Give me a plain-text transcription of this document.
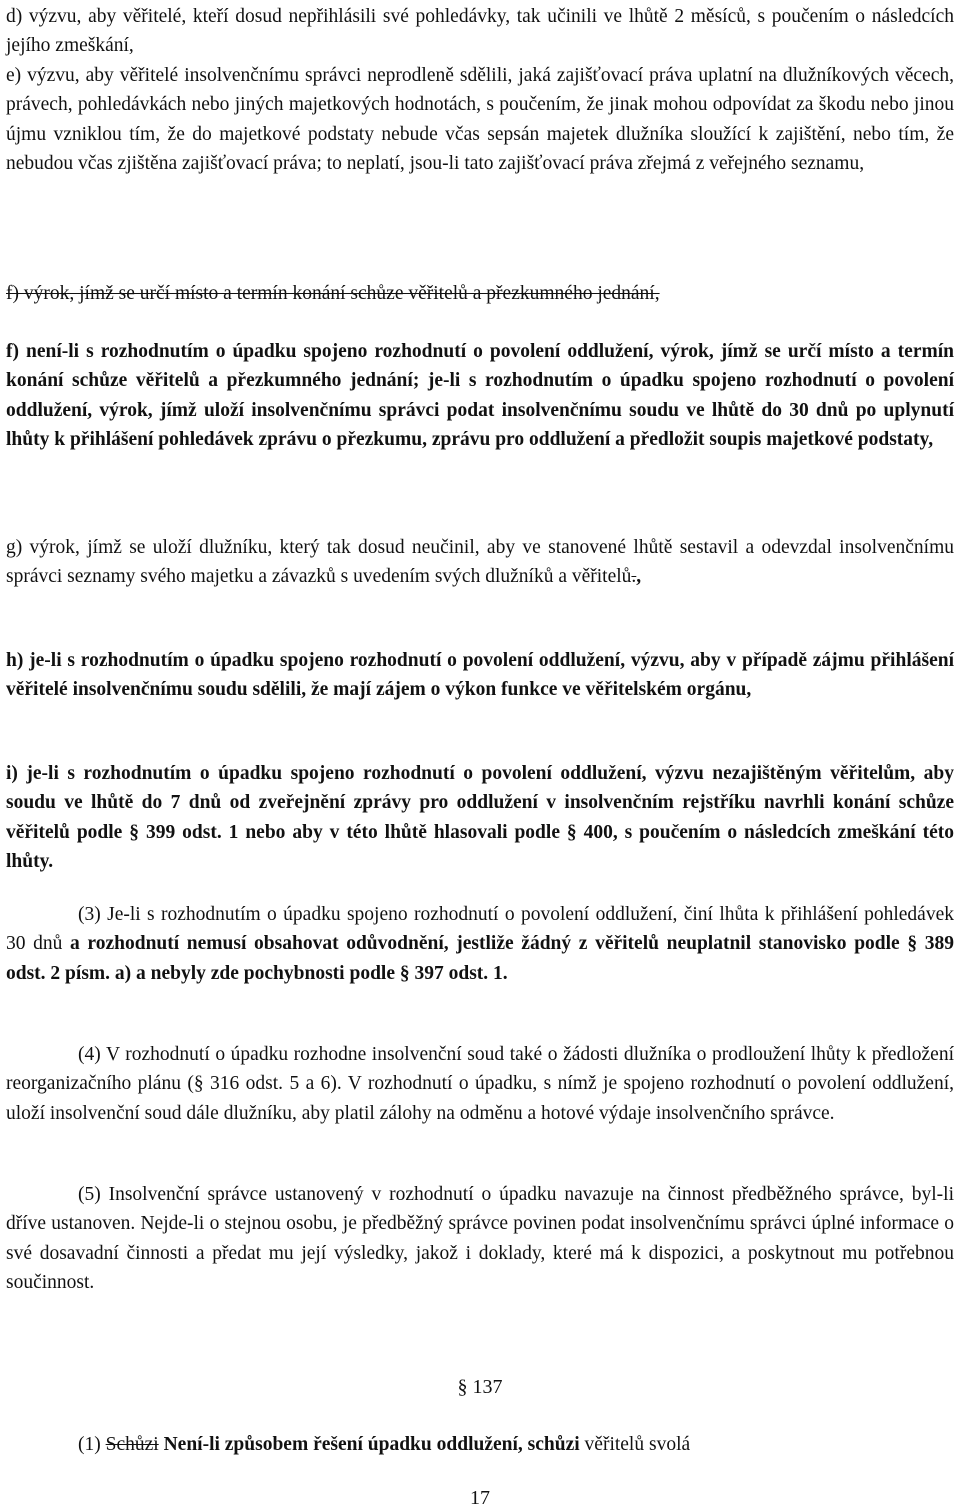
d) výzvu, aby věřitelé, kteří dosud nepřihlásili své pohledávky, tak učinili ve lhůtě 2 měsíců, s poučením o následcích jejího zmeškání,

e) výzvu, aby věřitelé insolvenčnímu správci neprodleně sdělili, jaká zajišťovací práva uplatní na dlužníkových věcech, právech, pohledávkách nebo jiných majetkových hodnotách, s poučením, že jinak mohou odpovídat za škodu nebo jinou újmu vzniklou tím, že do majetkové podstaty nebude včas sepsán majetek dlužníka sloužící k zajištění, nebo tím, že nebudou včas zjištěna zajišťovací práva; to neplatí, jsou-li tato zajišťovací práva zřejmá z veřejného seznamu,

f) výrok, jímž se určí místo a termín konání schůze věřitelů a přezkumného jednání,

f) není-li s rozhodnutím o úpadku spojeno rozhodnutí o povolení oddlužení, výrok, jímž se určí místo a termín konání schůze věřitelů a přezkumného jednání; je-li s rozhodnutím o úpadku spojeno rozhodnutí o povolení oddlužení, výrok, jímž uloží insolvenčnímu správci podat insolvenčnímu soudu ve lhůtě do 30 dnů po uplynutí lhůty k přihlášení pohledávek zprávu o přezkumu, zprávu pro oddlužení a předložit soupis majetkové podstaty,

g) výrok, jímž se uloží dlužníku, který tak dosud neučinil, aby ve stanovené lhůtě sestavil a odevzdal insolvenčnímu správci seznamy svého majetku a závazků s uvedením svých dlužníků a věřitelů.,

h) je-li s rozhodnutím o úpadku spojeno rozhodnutí o povolení oddlužení, výzvu, aby v případě zájmu přihlášení věřitelé insolvenčnímu soudu sdělili, že mají zájem o výkon funkce ve věřitelském orgánu,

i) je-li s rozhodnutím o úpadku spojeno rozhodnutí o povolení oddlužení, výzvu nezajištěným věřitelům, aby soudu ve lhůtě do 7 dnů od zveřejnění zprávy pro oddlužení v insolvenčním rejstříku navrhli konání schůze věřitelů podle § 399 odst. 1 nebo aby v této lhůtě hlasovali podle § 400, s poučením o následcích zmeškání této lhůty.

(3) Je-li s rozhodnutím o úpadku spojeno rozhodnutí o povolení oddlužení, činí lhůta k přihlášení pohledávek 30 dnů a rozhodnutí nemusí obsahovat odůvodnění, jestliže žádný z věřitelů neuplatnil stanovisko podle § 389 odst. 2 písm. a) a nebyly zde pochybnosti podle § 397 odst. 1.

(4) V rozhodnutí o úpadku rozhodne insolvenční soud také o žádosti dlužníka o prodloužení lhůty k předložení reorganizačního plánu (§ 316 odst. 5 a 6). V rozhodnutí o úpadku, s nímž je spojeno rozhodnutí o povolení oddlužení, uloží insolvenční soud dále dlužníku, aby platil zálohy na odměnu a hotové výdaje insolvenčního správce.

(5) Insolvenční správce ustanovený v rozhodnutí o úpadku navazuje na činnost předběžného správce, byl-li dříve ustanoven. Nejde-li o stejnou osobu, je předběžný správce povinen podat insolvenčnímu správci úplné informace o své dosavadní činnosti a předat mu její výsledky, jakož i doklady, které má k dispozici, a poskytnout mu potřebnou součinnost.

§ 137

(1) Schůzi Není-li způsobem řešení úpadku oddlužení, schůzi věřitelů svolá

17
